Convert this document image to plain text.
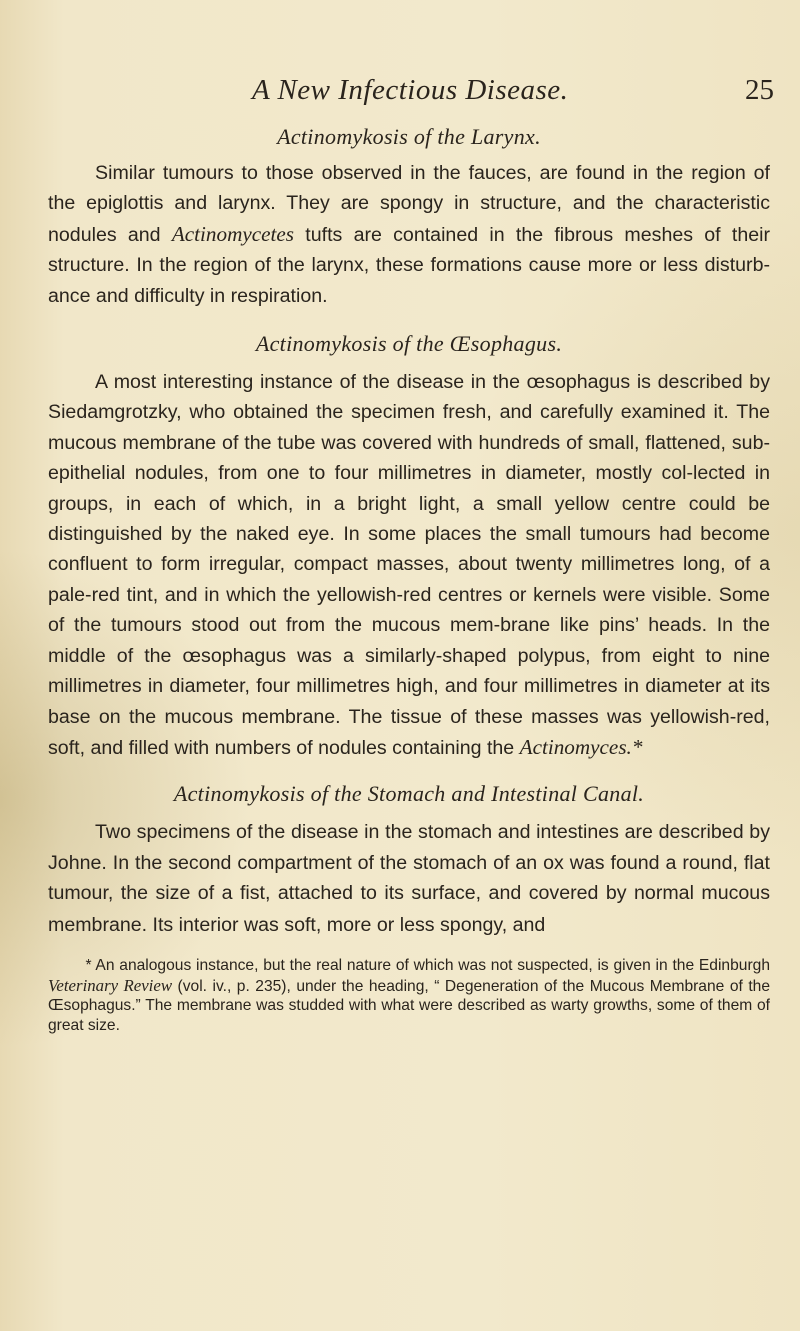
A New Infectious Disease.	25
Actinomykosis of the Larynx.

Similar tumours to those observed in the fauces, are found in the region of the epiglottis and larynx. They are spongy in structure, and the characteristic nodules and Actinomycetes tufts are contained in the fibrous meshes of their structure. In the region of the larynx, these formations cause more or less disturb-ance and difficulty in respiration.

Actinomykosis of the Œsophagus.

A most interesting instance of the disease in the œsophagus is described by Siedamgrotzky, who obtained the specimen fresh, and carefully examined it. The mucous membrane of the tube was covered with hundreds of small, flattened, sub-epithelial nodules, from one to four millimetres in diameter, mostly col-lected in groups, in each of which, in a bright light, a small yellow centre could be distinguished by the naked eye. In some places the small tumours had become confluent to form irregular, compact masses, about twenty millimetres long, of a pale-red tint, and in which the yellowish-red centres or kernels were visible. Some of the tumours stood out from the mucous mem-brane like pins’ heads. In the middle of the œsophagus was a similarly-shaped polypus, from eight to nine millimetres in diameter, four millimetres high, and four millimetres in diameter at its base on the mucous membrane. The tissue of these masses was yellowish-red, soft, and filled with numbers of nodules containing the Actinomyces.*

Actinomykosis of the Stomach and Intestinal Canal.

Two specimens of the disease in the stomach and intestines are described by Johne. In the second compartment of the stomach of an ox was found a round, flat tumour, the size of a fist, attached to its surface, and covered by normal mucous membrane. Its interior was soft, more or less spongy, and

* An analogous instance, but the real nature of which was not suspected, is given in the Edinburgh Veterinary Review (vol. iv., p. 235), under the heading, “ Degeneration of the Mucous Membrane of the Œsophagus.” The membrane was studded with what were described as warty growths, some of them of great size.
